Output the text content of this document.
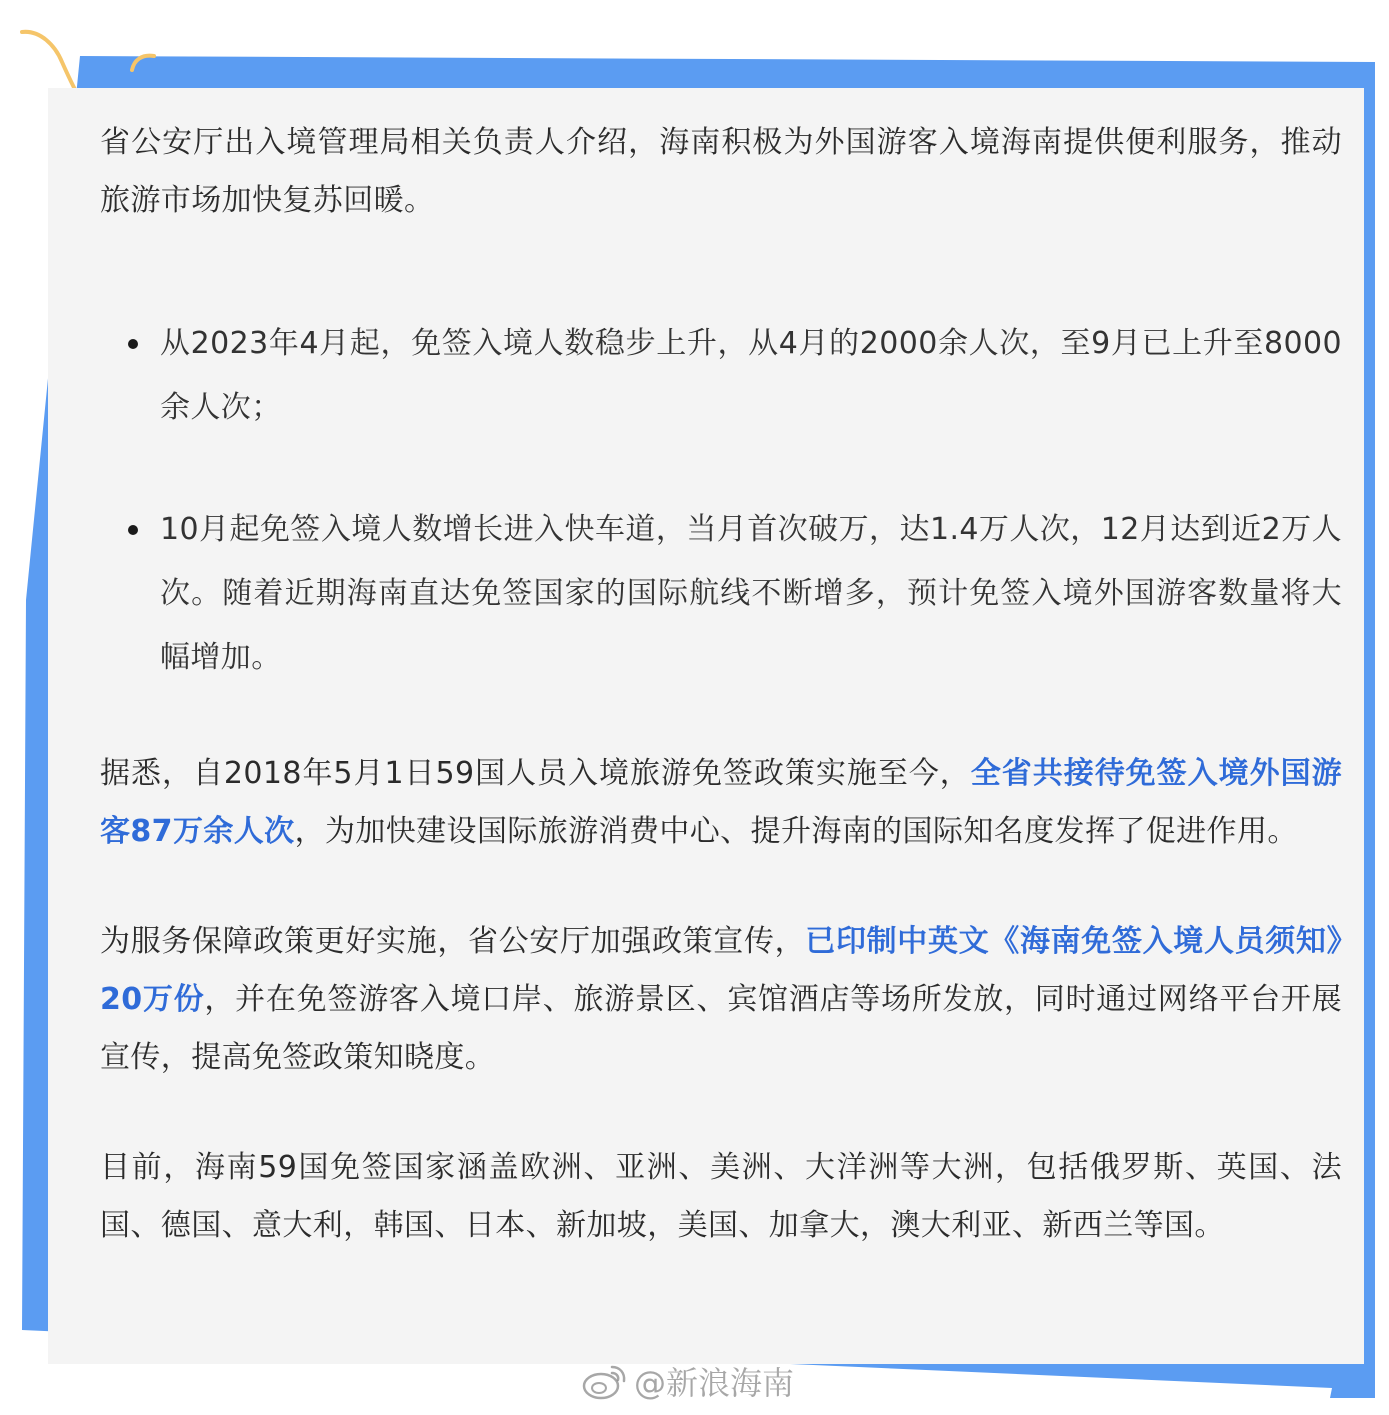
省公安厅出入境管理局相关负责人介绍，海南积极为外国游客入境海南提供便利服务，推动旅游市场加快复苏回暖。

从2023年4月起，免签入境人数稳步上升，从4月的2000余人次，至9月已上升至8000余人次；
10月起免签入境人数增长进入快车道，当月首次破万，达1.4万人次，12月达到近2万人次。随着近期海南直达免签国家的国际航线不断增多，预计免签入境外国游客数量将大幅增加。

据悉，自2018年5月1日59国人员入境旅游免签政策实施至今，全省共接待免签入境外国游客87万余人次，为加快建设国际旅游消费中心、提升海南的国际知名度发挥了促进作用。

为服务保障政策更好实施，省公安厅加强政策宣传，已印制中英文《海南免签入境人员须知》20万份，并在免签游客入境口岸、旅游景区、宾馆酒店等场所发放，同时通过网络平台开展宣传，提高免签政策知晓度。

目前，海南59国免签国家涵盖欧洲、亚洲、美洲、大洋洲等大洲，包括俄罗斯、英国、法国、德国、意大利，韩国、日本、新加坡，美国、加拿大，澳大利亚、新西兰等国。

@新浪海南
